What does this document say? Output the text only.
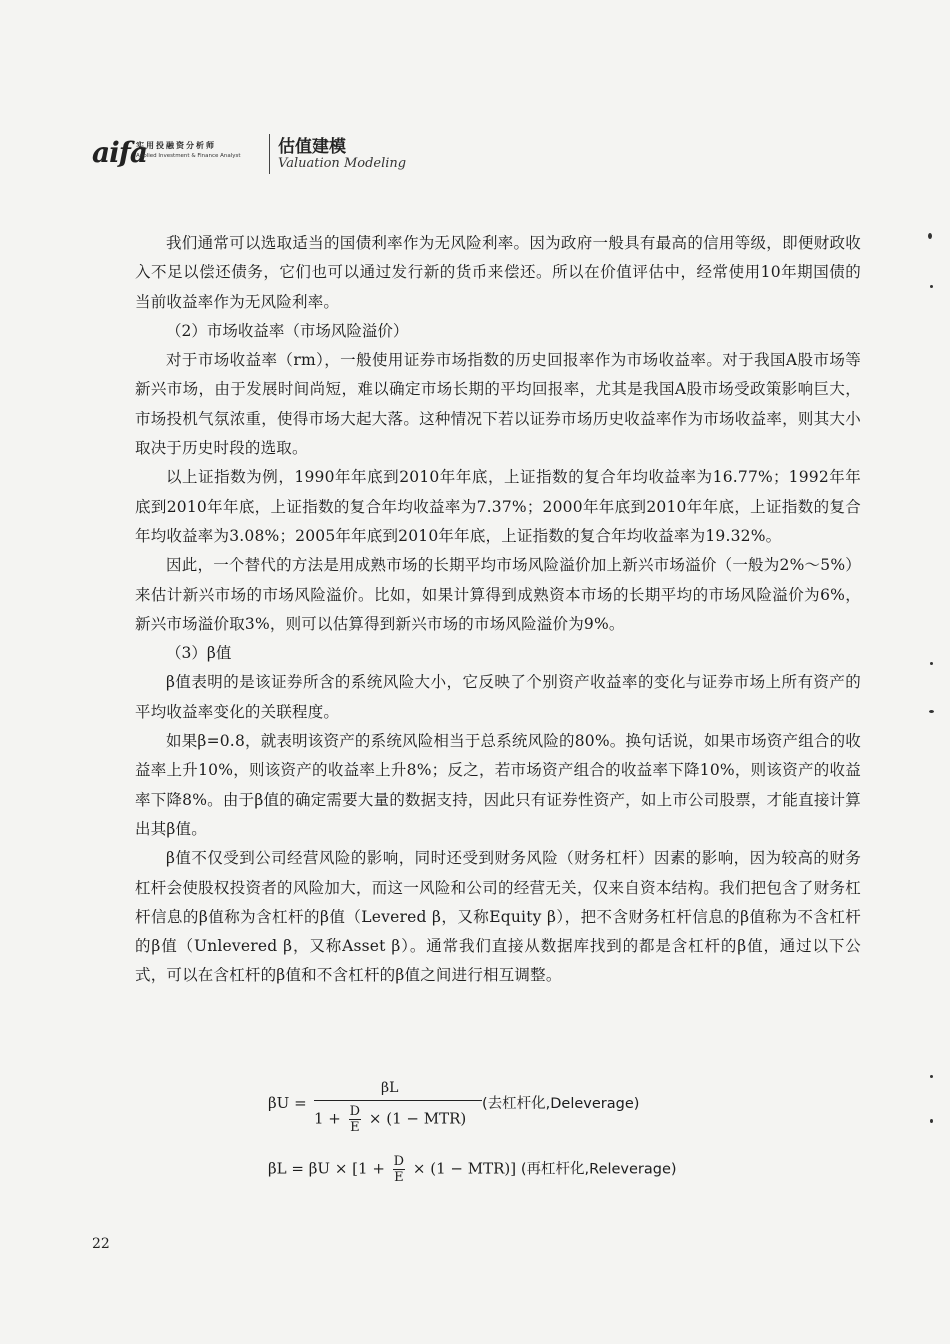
aifa
实用投融资分析师
Applied Investment & Finance Analyst 估值建模
Valuation Modeling

我们通常可以选取适当的国债利率作为无风险利率。因为政府一般具有最高的信用等级，即便财政收入不足以偿还债务，它们也可以通过发行新的货币来偿还。所以在价值评估中，经常使用10年期国债的当前收益率作为无风险利率。

（2）市场收益率（市场风险溢价）

对于市场收益率（rm），一般使用证券市场指数的历史回报率作为市场收益率。对于我国A股市场等新兴市场，由于发展时间尚短，难以确定市场长期的平均回报率，尤其是我国A股市场受政策影响巨大，市场投机气氛浓重，使得市场大起大落。这种情况下若以证券市场历史收益率作为市场收益率，则其大小取决于历史时段的选取。

以上证指数为例，1990年年底到2010年年底，上证指数的复合年均收益率为16.77%；1992年年底到2010年年底，上证指数的复合年均收益率为7.37%；2000年年底到2010年年底，上证指数的复合年均收益率为3.08%；2005年年底到2010年年底，上证指数的复合年均收益率为19.32%。

因此，一个替代的方法是用成熟市场的长期平均市场风险溢价加上新兴市场溢价（一般为2%～5%）来估计新兴市场的市场风险溢价。比如，如果计算得到成熟资本市场的长期平均的市场风险溢价为6%，新兴市场溢价取3%，则可以估算得到新兴市场的市场风险溢价为9%。

（3）β值

β值表明的是该证券所含的系统风险大小，它反映了个别资产收益率的变化与证券市场上所有资产的平均收益率变化的关联程度。

如果β=0.8，就表明该资产的系统风险相当于总系统风险的80%。换句话说，如果市场资产组合的收益率上升10%，则该资产的收益率上升8%；反之，若市场资产组合的收益率下降10%，则该资产的收益率下降8%。由于β值的确定需要大量的数据支持，因此只有证券性资产，如上市公司股票，才能直接计算出其β值。

β值不仅受到公司经营风险的影响，同时还受到财务风险（财务杠杆）因素的影响，因为较高的财务杠杆会使股权投资者的风险加大，而这一风险和公司的经营无关，仅来自资本结构。我们把包含了财务杠杆信息的β值称为含杠杆的β值（Levered β，又称Equity β），把不含财务杠杆信息的β值称为不含杠杆的β值（Unlevered β，又称Asset β）。通常我们直接从数据库找到的都是含杠杆的β值，通过以下公式，可以在含杠杆的β值和不含杠杆的β值之间进行相互调整。

βU =
βL
$1 + \frac{D}{E} \times (1 - MTR)$
(去杠杆化,Deleverage)
$\beta L = \beta U \times [1 + \frac{D}{E} \times (1 - MTR)]$ (再杠杆化,Releverage)
22
